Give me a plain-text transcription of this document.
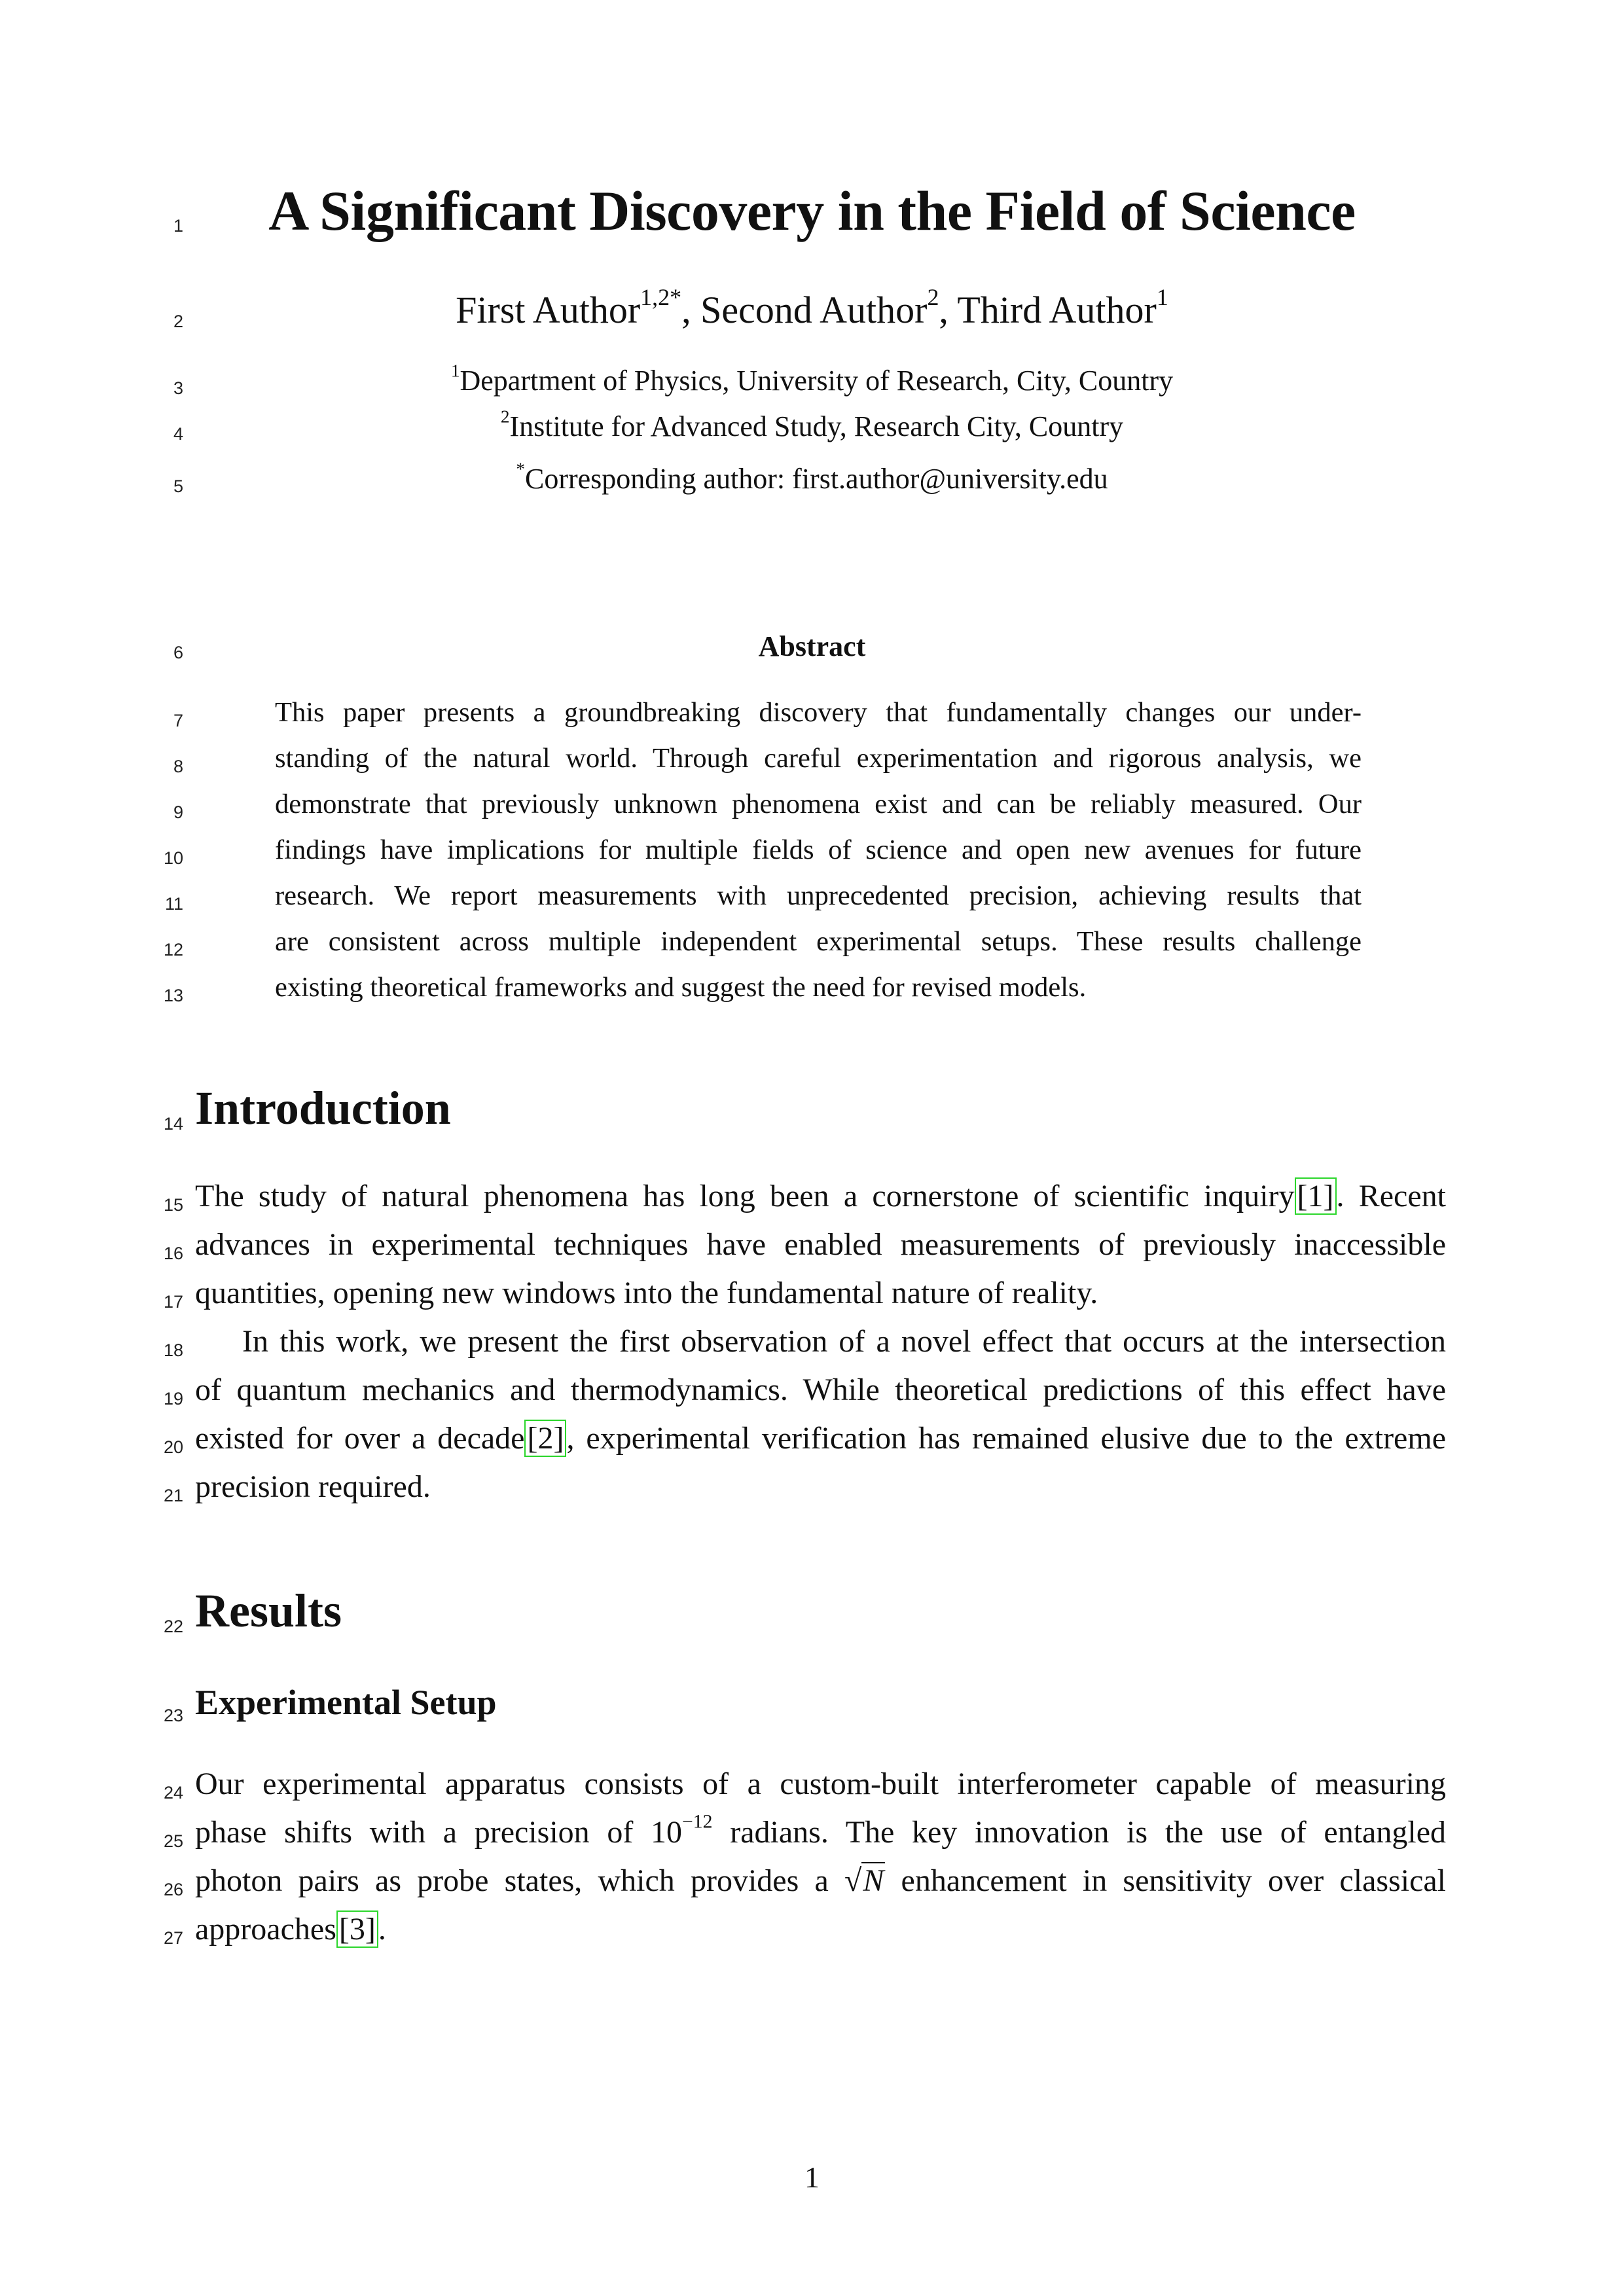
1
2
3
4
5
6
7
8
9
10
11
12
13
14
15
16
17
18
19
20
21
22
23
24
25
26
27
A Significant Discovery in the Field of Science
First Author$^{1,2*}$, Second Author$^2$, Third Author$^1$
$^1$Department of Physics, University of Research, City, Country
$^2$Institute for Advanced Study, Research City, Country
*Corresponding author: first.author@university.edu
Abstract
This paper presents a groundbreaking discovery that fundamentally changes our under-
standing of the natural world. Through careful experimentation and rigorous analysis, we
demonstrate that previously unknown phenomena exist and can be reliably measured. Our
findings have implications for multiple fields of science and open new avenues for future
research. We report measurements with unprecedented precision, achieving results that
are consistent across multiple independent experimental setups. These results challenge
existing theoretical frameworks and suggest the need for revised models.
Introduction
The study of natural phenomena has long been a cornerstone of scientific inquiry[1]. Recent
advances in experimental techniques have enabled measurements of previously inaccessible
quantities, opening new windows into the fundamental nature of reality.
In this work, we present the first observation of a novel effect that occurs at the intersection
of quantum mechanics and thermodynamics. While theoretical predictions of this effect have
existed for over a decade[2], experimental verification has remained elusive due to the extreme
precision required.
Results
Experimental Setup
Our experimental apparatus consists of a custom-built interferometer capable of measuring
phase shifts with a precision of $10^{-12}$ radians. The key innovation is the use of entangled
photon pairs as probe states, which provides a √N enhancement in sensitivity over classical
approaches[3].
1
